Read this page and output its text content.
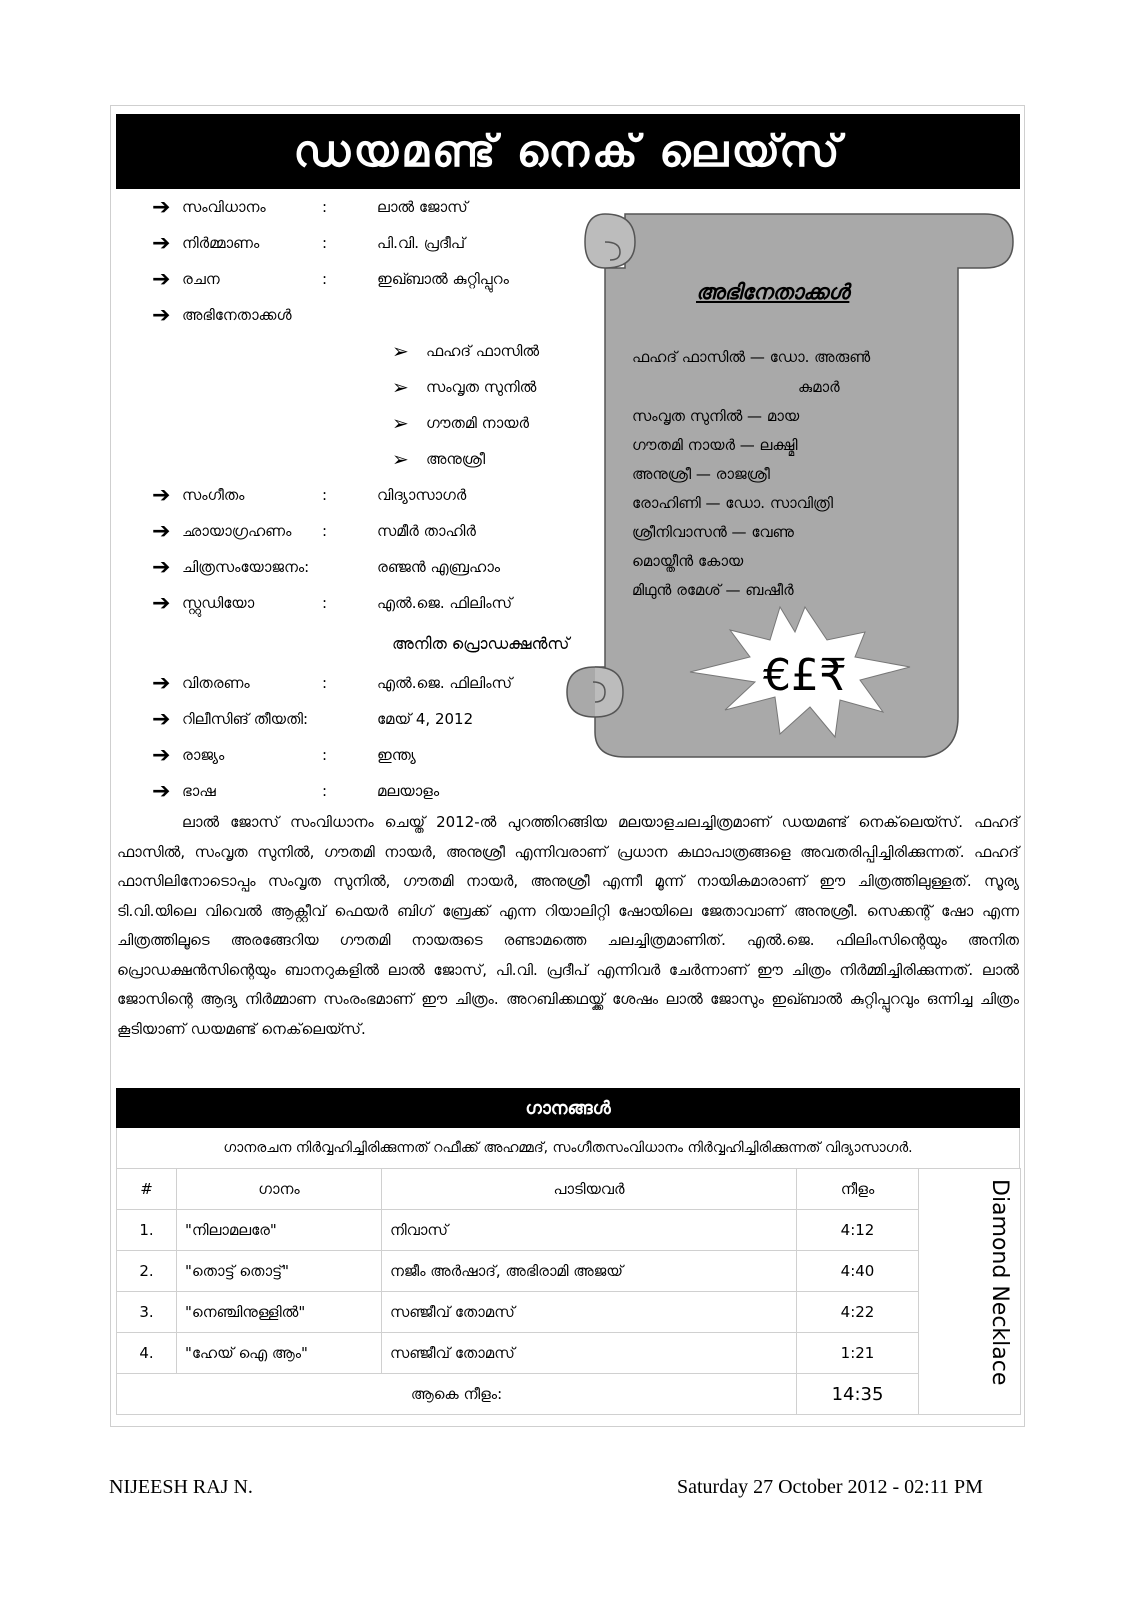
ഡയമണ്ട് നെക് ലെയ്സ്
➔ സംവിധാനം	:	ലാൽ ജോസ്
➔ നിർമ്മാണം	:	പി.വി. പ്രദീപ്
➔ രചന	:	ഇഖ്ബാൽ കുറ്റിപ്പുറം
➔ അഭിനേതാക്കൾ
➢	ഫഹദ് ഫാസിൽ
➢	സംവൃത സുനിൽ
➢	ഗൗതമി നായർ
➢	അനുശ്രീ
➔ സംഗീതം	:	വിദ്യാസാഗർ
➔ ഛായാഗ്രഹണം	:	സമീർ താഹിർ
➔ ചിത്രസംയോജനം:	രഞ്ജൻ എബ്രഹാം
➔ സ്റ്റുഡിയോ	:	എൽ.ജെ. ഫിലിംസ്
അനിത പ്രൊഡക്ഷൻസ്
➔ വിതരണം	:	എൽ.ജെ. ഫിലിംസ്
➔ റിലീസിങ് തീയതി:	മേയ് 4, 2012
➔ രാജ്യം	:	ഇന്ത്യ
➔ ഭാഷ	:	മലയാളം
അഭിനേതാക്കൾ
ഫഹദ് ഫാസിൽ — ഡോ. അരുൺ
കുമാർ
സംവൃത സുനിൽ — മായ
ഗൗതമി നായർ — ലക്ഷ്മി
അനുശ്രീ — രാജശ്രീ
രോഹിണി — ഡോ. സാവിത്രി
ശ്രീനിവാസൻ — വേണു
മൊയ്തീൻ കോയ
മിഥുൻ രമേശ് — ബഷീർ
€£₹
ലാൽ ജോസ് സംവിധാനം ചെയ്ത് 2012-ൽ പുറത്തിറങ്ങിയ മലയാളചലച്ചിത്രമാണ് ഡയമണ്ട് നെക്‌ലെയ്സ്. ഫഹദ് ഫാസിൽ, സംവൃത സുനിൽ, ഗൗതമി നായർ, അനുശ്രീ എന്നിവരാണ് പ്രധാന കഥാപാത്രങ്ങളെ അവതരിപ്പിച്ചിരിക്കുന്നത്. ഫഹദ് ഫാസിലിനോടൊപ്പം സംവൃത സുനിൽ, ഗൗതമി നായർ, അനുശ്രീ എന്നീ മൂന്ന് നായികമാരാണ് ഈ ചിത്രത്തിലുള്ളത്. സൂര്യ ടി.വി.യിലെ വിവെൽ ആക്റ്റീവ് ഫെയർ ബിഗ് ബ്രേക്ക് എന്ന റിയാലിറ്റി ഷോയിലെ ജേതാവാണ് അനുശ്രീ. സെക്കന്റ് ഷോ എന്ന ചിത്രത്തിലൂടെ അരങ്ങേറിയ ഗൗതമി നായരുടെ രണ്ടാമത്തെ ചലച്ചിത്രമാണിത്. എൽ.ജെ. ഫിലിംസിന്റെയും അനിത പ്രൊഡക്ഷൻസിന്റെയും ബാനറുകളിൽ ലാൽ ജോസ്, പി.വി. പ്രദീപ് എന്നിവർ ചേർന്നാണ് ഈ ചിത്രം നിർമ്മിച്ചിരിക്കുന്നത്. ലാൽ ജോസിന്റെ ആദ്യ നിർമ്മാണ സംരംഭമാണ് ഈ ചിത്രം. അറബിക്കഥയ്ക്ക് ശേഷം ലാൽ ജോസും ഇഖ്ബാൽ കുറ്റിപ്പുറവും ഒന്നിച്ച ചിത്രം കൂടിയാണ് ഡയമണ്ട് നെക്‌ലെയ്സ്.
ഗാനങ്ങൾ
ഗാനരചന നിർവ്വഹിച്ചിരിക്കുന്നത് റഫീക്ക് അഹമ്മദ്, സംഗീതസംവിധാനം നിർവ്വഹിച്ചിരിക്കുന്നത് വിദ്യാസാഗർ.
#	ഗാനം	പാടിയവർ	നീളം	Diamond Necklace
1.	"നിലാമലരേ"	നിവാസ്	4:12	
2.	"തൊട്ട് തൊട്ട്"	നജീം അർഷാദ്, അഭിരാമി അജയ്	4:40	
3.	"നെഞ്ചിനുള്ളിൽ"	സഞ്ജീവ് തോമസ്	4:22	
4.	"ഹേയ് ഐ ആം"	സഞ്ജീവ് തോമസ്	1:21	
ആകെ നീളം:			14:35	
NIJEESH RAJ N.	Saturday 27 October 2012 - 02:11 PM
